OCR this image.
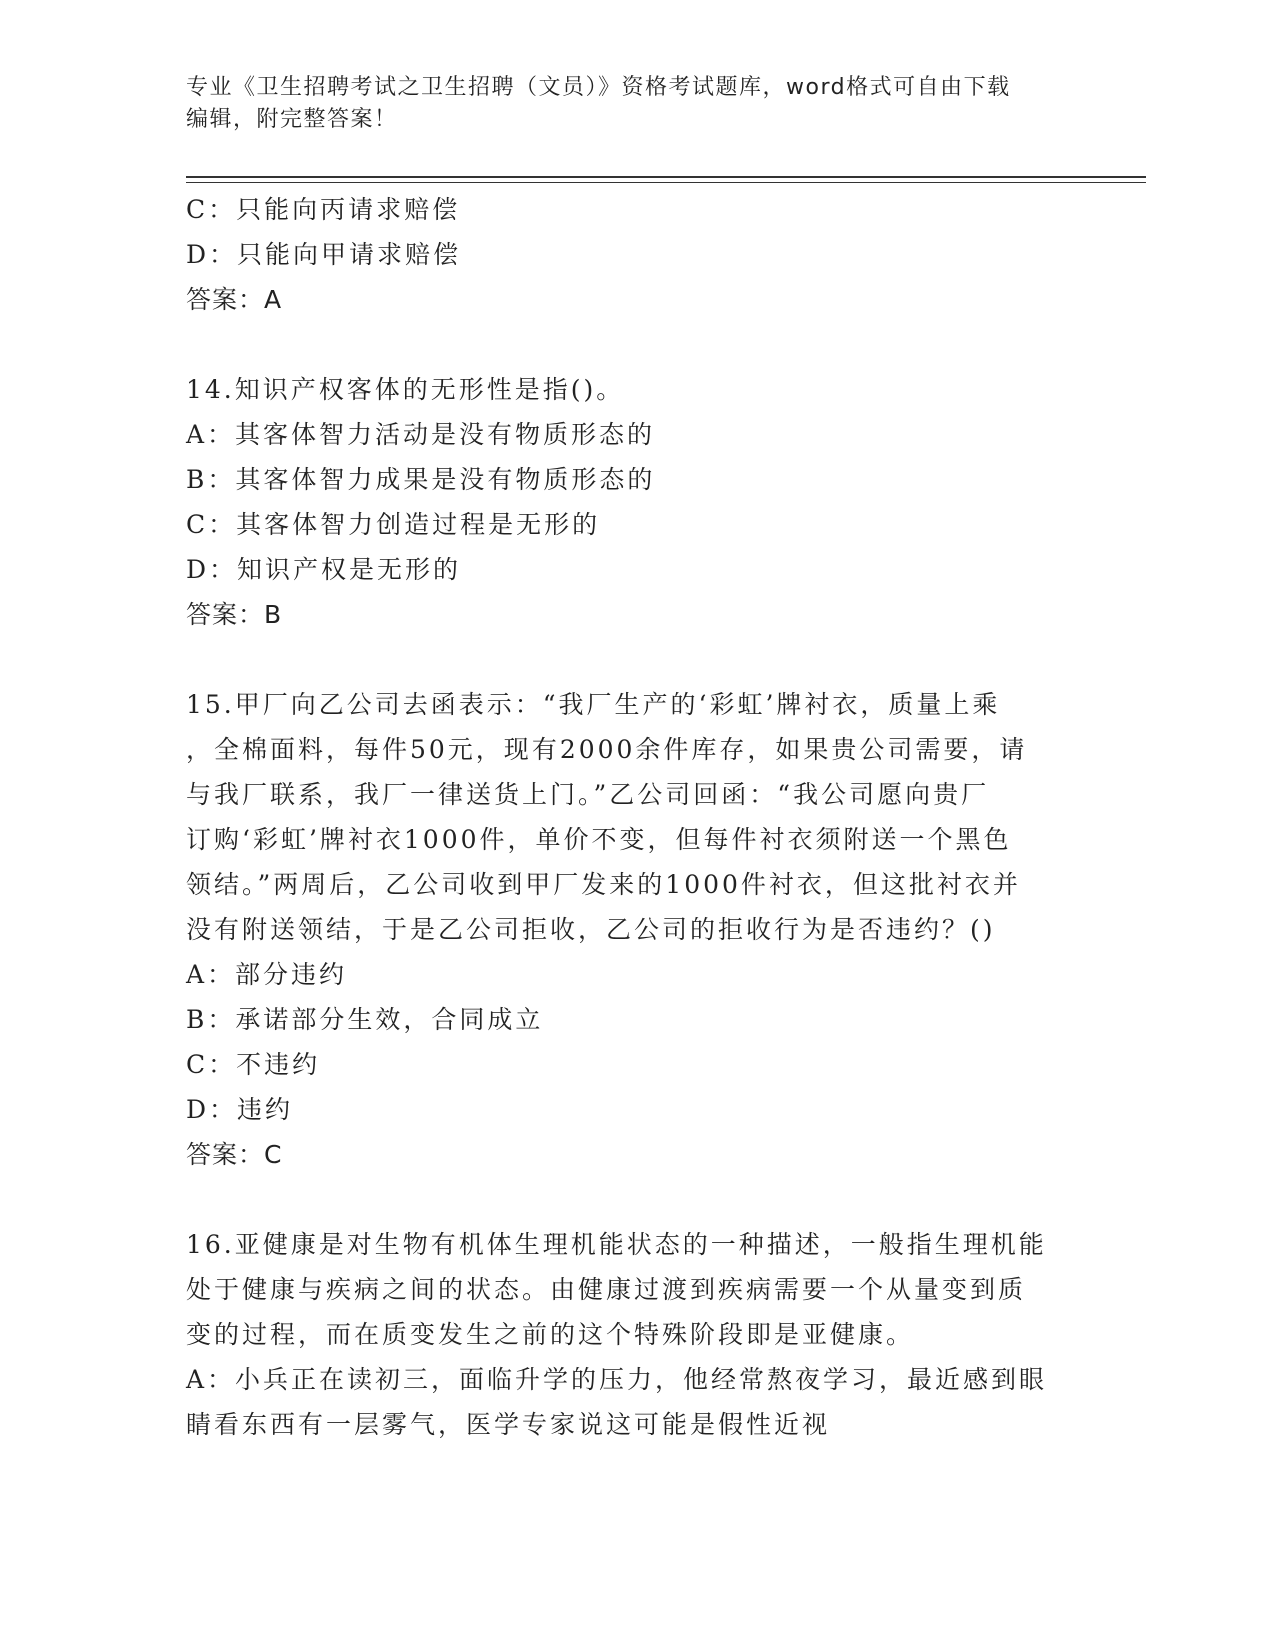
专业《卫生招聘考试之卫生招聘（文员）》资格考试题库，word格式可自由下载
编辑，附完整答案！
C：只能向丙请求赔偿
D：只能向甲请求赔偿
答案：A
14.知识产权客体的无形性是指()。
A：其客体智力活动是没有物质形态的
B：其客体智力成果是没有物质形态的
C：其客体智力创造过程是无形的
D：知识产权是无形的
答案：B
15.甲厂向乙公司去函表示：“我厂生产的‘彩虹’牌衬衣，质量上乘
，全棉面料，每件50元，现有2000余件库存，如果贵公司需要，请
与我厂联系，我厂一律送货上门。”乙公司回函：“我公司愿向贵厂
订购‘彩虹’牌衬衣1000件，单价不变，但每件衬衣须附送一个黑色
领结。”两周后，乙公司收到甲厂发来的1000件衬衣，但这批衬衣并
没有附送领结，于是乙公司拒收，乙公司的拒收行为是否违约？()
A：部分违约
B：承诺部分生效，合同成立
C：不违约
D：违约
答案：C
16.亚健康是对生物有机体生理机能状态的一种描述，一般指生理机能
处于健康与疾病之间的状态。由健康过渡到疾病需要一个从量变到质
变的过程，而在质变发生之前的这个特殊阶段即是亚健康。
A：小兵正在读初三，面临升学的压力，他经常熬夜学习，最近感到眼
睛看东西有一层雾气，医学专家说这可能是假性近视
